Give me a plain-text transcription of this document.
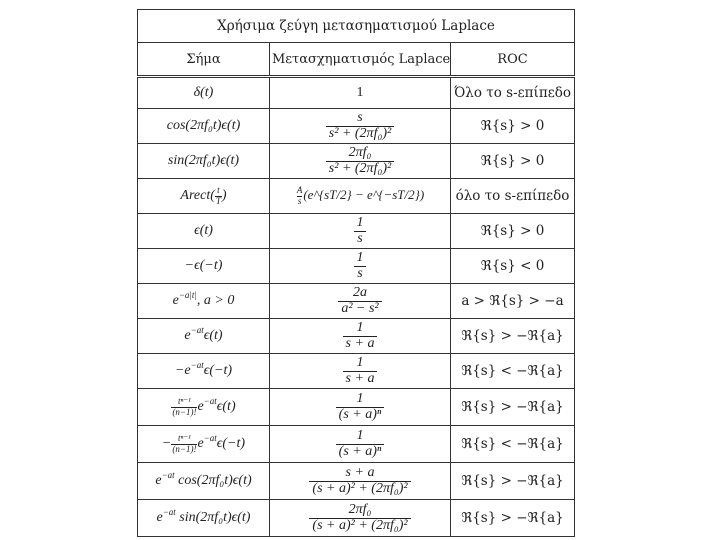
Χρήσιμα ζεύγη μετασηματισμού Laplace		
Σήμα	Μετασχηματισμός Laplace	ROC
δ(t)	1	Όλο το s-επίπεδο
cos(2πf₀t)ϵ(t)	$\frac{s}{\text{s² + (2πf₀)²}}$	ℜ{s} > 0
sin(2πf₀t)ϵ(t)	$\frac{\text{2πf₀}}{\text{s² + (2πf₀)²}}$	ℜ{s} > 0
Arect( $\frac{t}{T}$ )	$\frac{A}{s}$ (e^{sT/2} − e^{−sT/2})	όλο το s-επίπεδο
ϵ(t)	$\frac{1}{s}$	ℜ{s} > 0
−ϵ(−t)	$\frac{1}{s}$	ℜ{s} < 0
$e^{-a|t|}$, a > 0	$\frac{2a}{\text{a² − s²}}$	a > ℜ{s} > −a
$e^{-at}\epsilon(t)$	$\frac{1}{s + a}$	ℜ{s} > −ℜ{a}
$-e^{-at}\epsilon(-t)$	$\frac{1}{s + a}$	ℜ{s} < −ℜ{a}

$\frac{\text{tⁿ⁻¹}}{(n-1)!} e^{-at}\epsilon(t)$	$\frac{1}{\text{(s + a)ⁿ}}$	ℜ{s} > −ℜ{a}
− $\frac{\text{tⁿ⁻¹}}{(n-1)!} e^{-at}\epsilon(-t)$	$\frac{1}{\text{(s + a)ⁿ}}$	ℜ{s} < −ℜ{a}
$e^{-at}$ cos(2πf₀t)ϵ(t)	$\frac{s + a}{\text{(s + a)² + (2πf₀)²}}$	ℜ{s} > −ℜ{a}
$e^{-at}$ sin(2πf₀t)ϵ(t)	$\frac{\text{2πf₀}}{\text{(s + a)² + (2πf₀)²}}$	ℜ{s} > −ℜ{a}
